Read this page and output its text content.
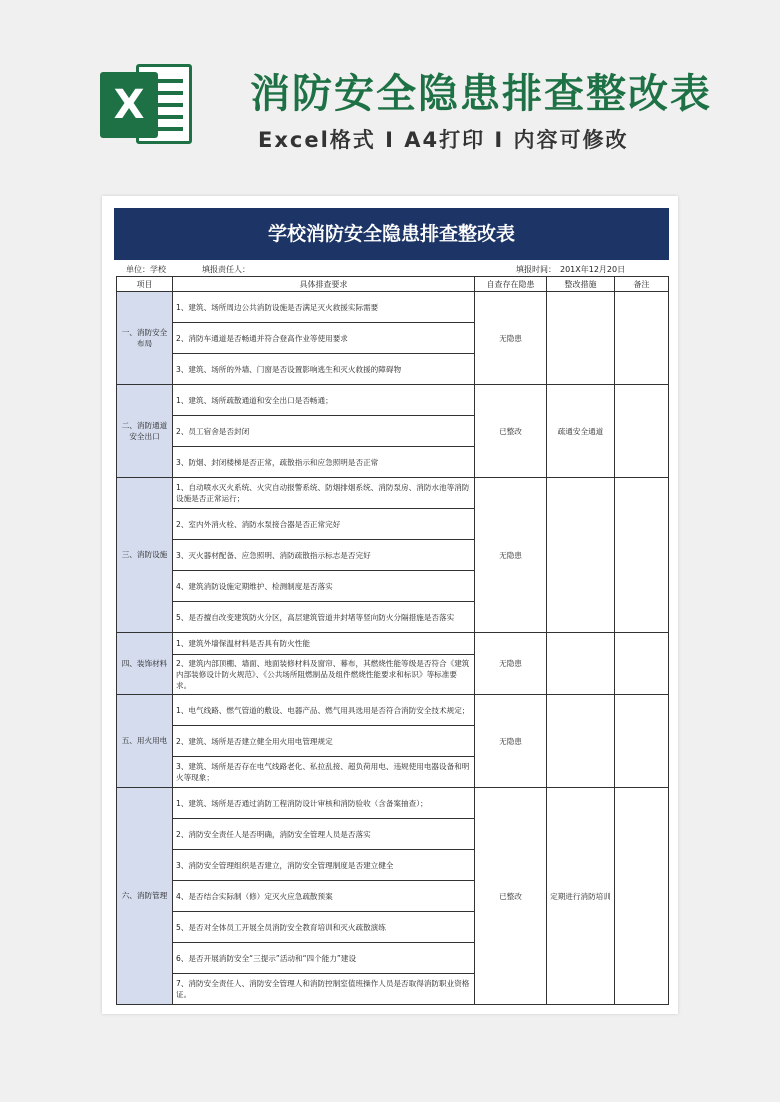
X	消防安全隐患排查整改表
Excel格式 I A4打印 I 内容可修改
学校消防安全隐患排查整改表
单位：学校	填报责任人：	填报时间： 201X年12月20日
项目	具体排查要求	自查存在隐患	整改措施	备注
一、消防安全布局	1、建筑、场所周边公共消防设施是否满足灭火救援实际需要	无隐患		
	2、消防车通道是否畅通并符合登高作业等使用要求			
	3、建筑、场所的外墙、门窗是否设置影响逃生和灭火救援的障碍物			
二、消防通道安全出口	1、建筑、场所疏散通道和安全出口是否畅通；	已整改	疏通安全通道	
	2、员工宿舍是否封闭			
	3、防烟、封闭楼梯是否正常，疏散指示和应急照明是否正常			
三、消防设施	1、自动喷水灭火系统、火灾自动报警系统、防烟排烟系统、消防泵房、消防水池等消防设施是否正常运行；	无隐患		
	2、室内外消火栓、消防水泵接合器是否正常完好			
	3、灭火器材配备、应急照明、消防疏散指示标志是否完好			
	4、建筑消防设施定期维护、检测制度是否落实			
	5、是否擅自改变建筑防火分区，高层建筑管道井封堵等竖向防火分隔措施是否落实			
四、装饰材料	1、建筑外墙保温材料是否具有防火性能	无隐患		
	2、建筑内部顶棚、墙面、地面装修材料及窗帘、幕布，其燃烧性能等级是否符合《建筑内部装修设计防火规范》、《公共场所阻燃制品及组件燃烧性能要求和标识》等标准要求。			
五、用火用电	1、电气线路、燃气管道的敷设、电器产品、燃气用具选用是否符合消防安全技术规定；	无隐患		
	2、建筑、场所是否建立健全用火用电管理规定			
	3、建筑、场所是否存在电气线路老化、私拉乱接、超负荷用电、违规使用电器设备和明火等现象；			
六、消防管理	1、建筑、场所是否通过消防工程消防设计审核和消防验收（含备案抽查）；	已整改	定期进行消防培训	
	2、消防安全责任人是否明确，消防安全管理人员是否落实			
	3、消防安全管理组织是否建立，消防安全管理制度是否建立健全			
	4、是否结合实际制（修）定灭火应急疏散预案			
	5、是否对全体员工开展全员消防安全教育培训和灭火疏散演练			
	6、是否开展消防安全“三提示”活动和“四个能力”建设			
	7、消防安全责任人、消防安全管理人和消防控制室值班操作人员是否取得消防职业资格证。			
